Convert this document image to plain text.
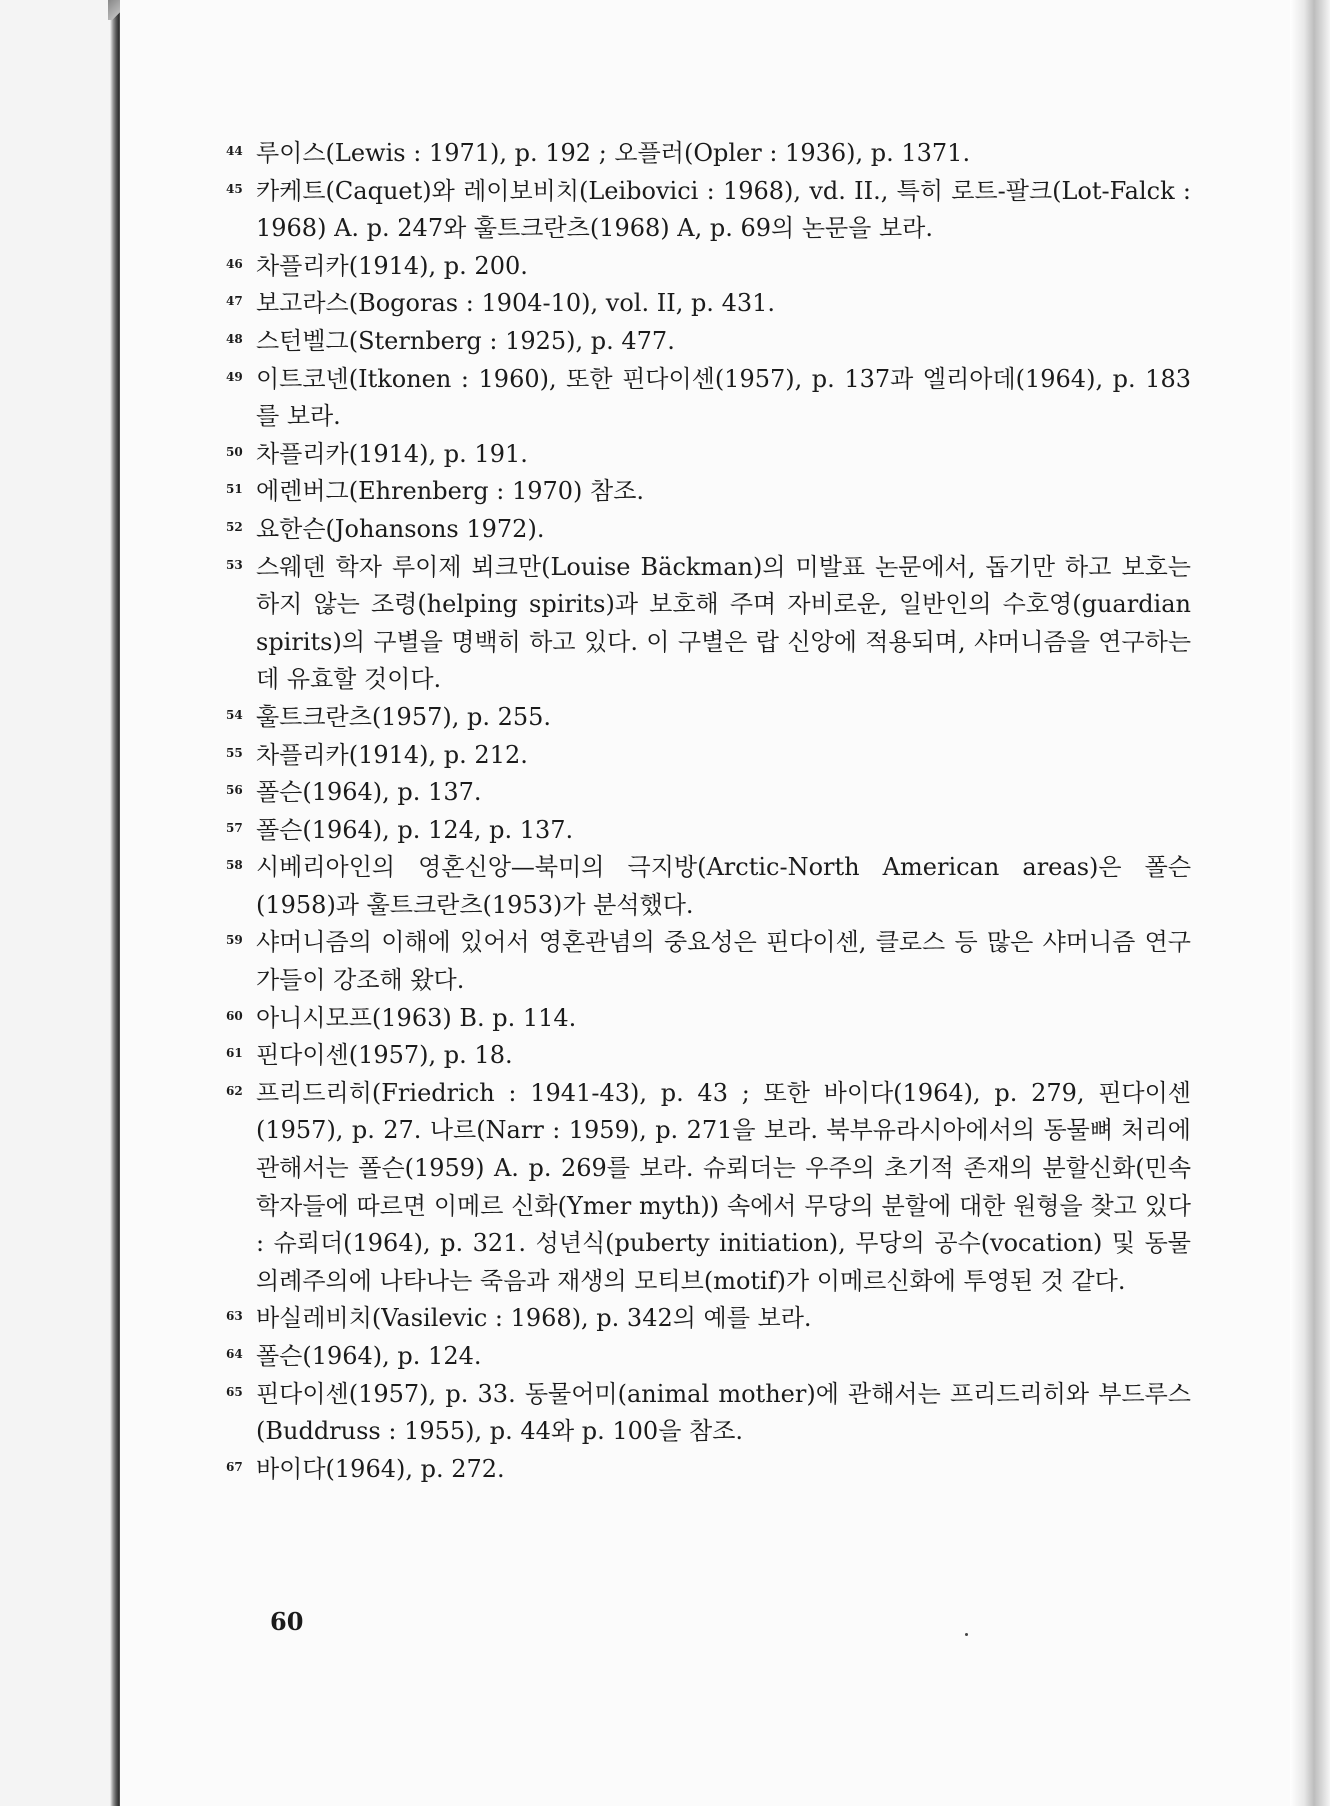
44 루이스(Lewis : 1971), p. 192 ; 오플러(Opler : 1936), p. 1371.
45 카케트(Caquet)와 레이보비치(Leibovici : 1968), vd. II., 특히 로트-팔크(Lot-Falck : 1968) A. p. 247와 훌트크란츠(1968) A, p. 69의 논문을 보라.
46 차플리카(1914), p. 200.
47 보고라스(Bogoras : 1904-10), vol. II, p. 431.
48 스턴벨그(Sternberg : 1925), p. 477.
49 이트코넨(Itkonen : 1960), 또한 핀다이센(1957), p. 137과 엘리아데(1964), p. 183를 보라.
50 차플리카(1914), p. 191.
51 에렌버그(Ehrenberg : 1970) 참조.
52 요한슨(Johansons 1972).
53 스웨덴 학자 루이제 뵈크만(Louise Bäckman)의 미발표 논문에서, 돕기만 하고 보호는 하지 않는 조령(helping spirits)과 보호해 주며 자비로운, 일반인의 수호영(guardian spirits)의 구별을 명백히 하고 있다. 이 구별은 랍 신앙에 적용되며, 샤머니즘을 연구하는 데 유효할 것이다.
54 훌트크란츠(1957), p. 255.
55 차플리카(1914), p. 212.
56 폴슨(1964), p. 137.
57 폴슨(1964), p. 124, p. 137.
58 시베리아인의 영혼신앙—북미의 극지방(Arctic-North American areas)은 폴슨(1958)과 훌트크란츠(1953)가 분석했다.
59 샤머니즘의 이해에 있어서 영혼관념의 중요성은 핀다이센, 클로스 등 많은 샤머니즘 연구가들이 강조해 왔다.
60 아니시모프(1963) B. p. 114.
61 핀다이센(1957), p. 18.
62 프리드리히(Friedrich : 1941-43), p. 43 ; 또한 바이다(1964), p. 279, 핀다이센(1957), p. 27. 나르(Narr : 1959), p. 271을 보라. 북부유라시아에서의 동물뼈 처리에 관해서는 폴슨(1959) A. p. 269를 보라. 슈뢰더는 우주의 초기적 존재의 분할신화(민속학자들에 따르면 이메르 신화(Ymer myth)) 속에서 무당의 분할에 대한 원형을 찾고 있다 : 슈뢰더(1964), p. 321. 성년식(puberty initiation), 무당의 공수(vocation) 및 동물의례주의에 나타나는 죽음과 재생의 모티브(motif)가 이메르신화에 투영된 것 같다.
63 바실레비치(Vasilevic : 1968), p. 342의 예를 보라.
64 폴슨(1964), p. 124.
65 핀다이센(1957), p. 33. 동물어미(animal mother)에 관해서는 프리드리히와 부드루스(Buddruss : 1955), p. 44와 p. 100을 참조.
67 바이다(1964), p. 272.
60
